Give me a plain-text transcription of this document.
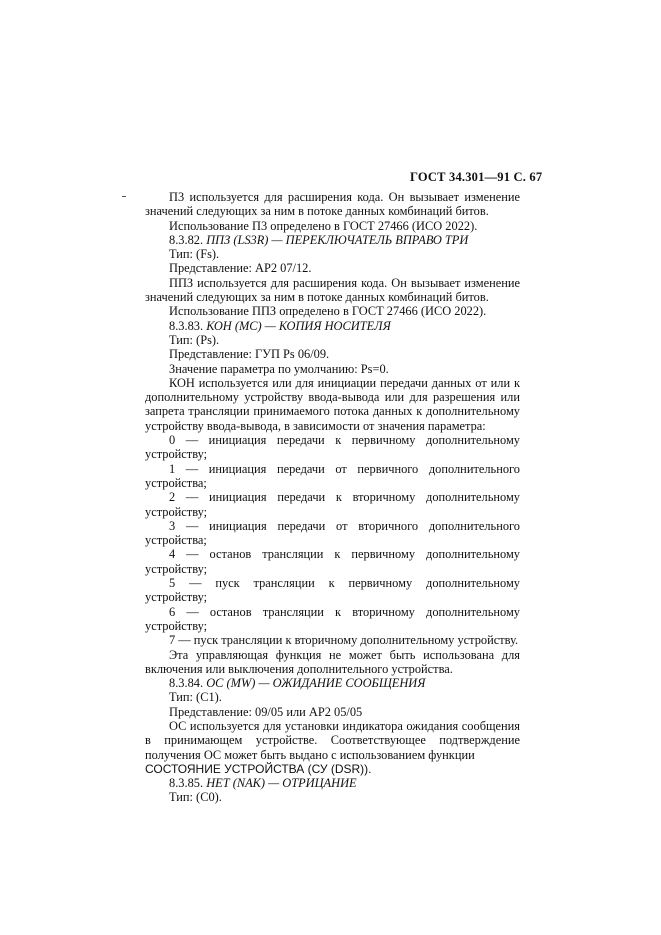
ГОСТ 34.301—91 С. 67

П3 используется для расширения кода. Он вызывает изменение значений следующих за ним в потоке данных комбинаций битов.

Использование П3 определено в ГОСТ 27466 (ИСО 2022).

8.3.82. ППЗ (LS3R) — ПЕРЕКЛЮЧАТЕЛЬ ВПРАВО ТРИ

Тип: (Fs).

Представление: АР2 07/12.

ППЗ используется для расширения кода. Он вызывает изменение значений следующих за ним в потоке данных комбинаций битов.

Использование ППЗ определено в ГОСТ 27466 (ИСО 2022).

8.3.83. КОН (МС) — КОПИЯ НОСИТЕЛЯ

Тип: (Ps).

Представление: ГУП Ps 06/09.

Значение параметра по умолчанию: Ps=0.

КОН используется или для инициации передачи данных от или к дополнительному устройству ввода-вывода или для разрешения или запрета трансляции принимаемого потока данных к дополнительному устройству ввода-вывода, в зависимости от значения параметра:

0 — инициация передачи к первичному дополнительному устройству;

1 — инициация передачи от первичного дополнительного устройства;

2 — инициация передачи к вторичному дополнительному устройству;

3 — инициация передачи от вторичного дополнительного устройства;

4 — останов трансляции к первичному дополнительному устройству;

5 — пуск трансляции к первичному дополнительному устройству;

6 — останов трансляции к вторичному дополнительному устройству;

7 — пуск трансляции к вторичному дополнительному устройству.

Эта управляющая функция не может быть использована для включения или выключения дополнительного устройства.

8.3.84. ОС (MW) — ОЖИДАНИЕ СООБЩЕНИЯ

Тип: (С1).

Представление: 09/05 или АР2 05/05

ОС используется для установки индикатора ожидания сообщения в принимающем устройстве. Соответствующее подтверждение получения ОС может быть выдано с использованием функции

СОСТОЯНИЕ УСТРОЙСТВА (СУ (DSR)).

8.3.85. НЕТ (NAK) — ОТРИЦАНИЕ

Тип: (С0).
